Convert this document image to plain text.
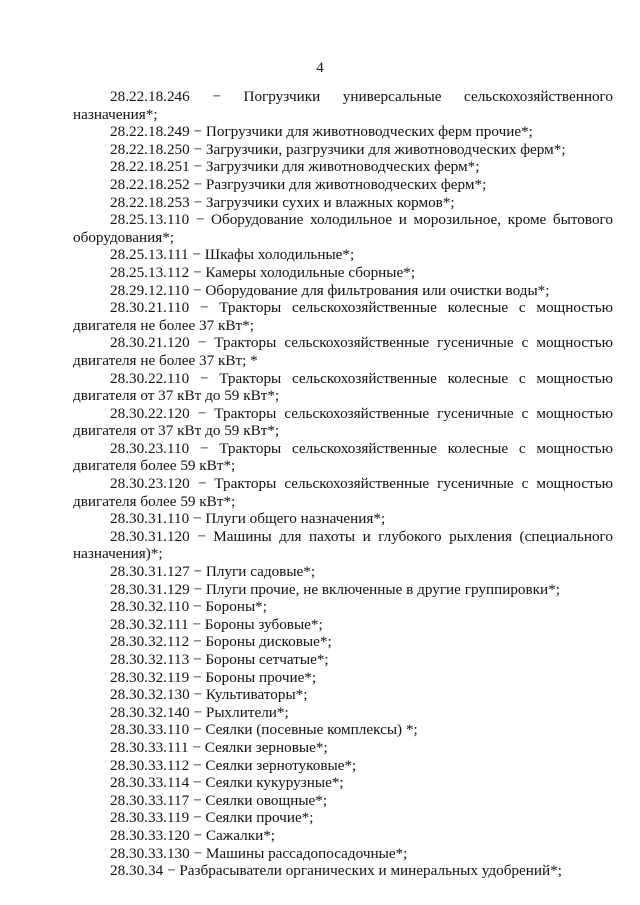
4
28.22.18.246 − Погрузчики универсальные сельскохозяйственного
назначения*;
28.22.18.249 − Погрузчики для животноводческих ферм прочие*;
28.22.18.250 − Загрузчики, разгрузчики для животноводческих ферм*;
28.22.18.251 − Загрузчики для животноводческих ферм*;
28.22.18.252 − Разгрузчики для животноводческих ферм*;
28.22.18.253 − Загрузчики сухих и влажных кормов*;
28.25.13.110 − Оборудование холодильное и морозильное, кроме бытового
оборудования*;
28.25.13.111 − Шкафы холодильные*;
28.25.13.112 − Камеры холодильные сборные*;
28.29.12.110 − Оборудование для фильтрования или очистки воды*;
28.30.21.110 − Тракторы сельскохозяйственные колесные с мощностью
двигателя не более 37 кВт*;
28.30.21.120 − Тракторы сельскохозяйственные гусеничные с мощностью
двигателя не более 37 кВт; *
28.30.22.110 − Тракторы сельскохозяйственные колесные с мощностью
двигателя от 37 кВт до 59 кВт*;
28.30.22.120 − Тракторы сельскохозяйственные гусеничные с мощностью
двигателя от 37 кВт до 59 кВт*;
28.30.23.110 − Тракторы сельскохозяйственные колесные с мощностью
двигателя более 59 кВт*;
28.30.23.120 − Тракторы сельскохозяйственные гусеничные с мощностью
двигателя более 59 кВт*;
28.30.31.110 − Плуги общего назначения*;
28.30.31.120 − Машины для пахоты и глубокого рыхления (специального
назначения)*;
28.30.31.127 − Плуги садовые*;
28.30.31.129 − Плуги прочие, не включенные в другие группировки*;
28.30.32.110 − Бороны*;
28.30.32.111 − Бороны зубовые*;
28.30.32.112 − Бороны дисковые*;
28.30.32.113 − Бороны сетчатые*;
28.30.32.119 − Бороны прочие*;
28.30.32.130 − Культиваторы*;
28.30.32.140 − Рыхлители*;
28.30.33.110 − Сеялки (посевные комплексы) *;
28.30.33.111 − Сеялки зерновые*;
28.30.33.112 − Сеялки зернотуковые*;
28.30.33.114 − Сеялки кукурузные*;
28.30.33.117 − Сеялки овощные*;
28.30.33.119 − Сеялки прочие*;
28.30.33.120 − Сажалки*;
28.30.33.130 − Машины рассадопосадочные*;
28.30.34 − Разбрасыватели органических и минеральных удобрений*;
